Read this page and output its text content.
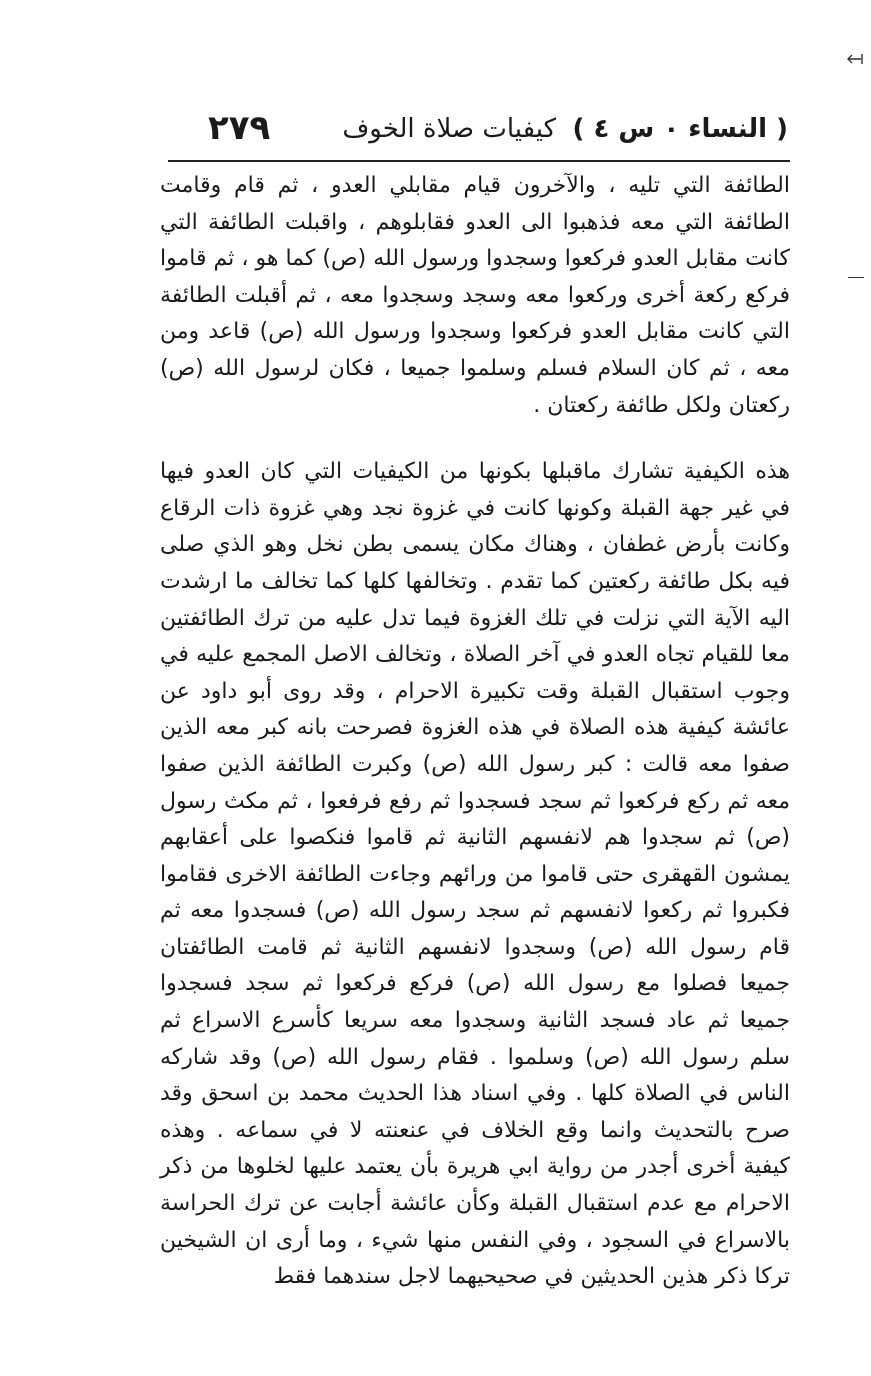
( النساء ٠ س ٤ )
كيفيات صلاة الخوف
٢٧٩

الطائفة التي تليه ، والآخرون قيام مقابلي العدو ، ثم قام وقامت الطائفة التي معه فذهبوا الى العدو فقابلوهم ، واقبلت الطائفة التي كانت مقابل العدو فركعوا وسجدوا ورسول الله (ص) كما هو ، ثم قاموا فركع ركعة أخرى وركعوا معه وسجد وسجدوا معه ، ثم أقبلت الطائفة التي كانت مقابل العدو فركعوا وسجدوا ورسول الله (ص) قاعد ومن معه ، ثم كان السلام فسلم وسلموا جميعا ، فكان لرسول الله (ص) ركعتان ولكل طائفة ركعتان .

هذه الكيفية تشارك ماقبلها بكونها من الكيفيات التي كان العدو فيها في غير جهة القبلة وكونها كانت في غزوة نجد وهي غزوة ذات الرقاع وكانت بأرض غطفان ، وهناك مكان يسمى بطن نخل وهو الذي صلى فيه بكل طائفة ركعتين كما تقدم . وتخالفها كلها كما تخالف ما ارشدت اليه الآية التي نزلت في تلك الغزوة فيما تدل عليه من ترك الطائفتين معا للقيام تجاه العدو في آخر الصلاة ، وتخالف الاصل المجمع عليه في وجوب استقبال القبلة وقت تكبيرة الاحرام ، وقد روى أبو داود عن عائشة كيفية هذه الصلاة في هذه الغزوة فصرحت بانه كبر معه الذين صفوا معه قالت : كبر رسول الله (ص) وكبرت الطائفة الذين صفوا معه ثم ركع فركعوا ثم سجد فسجدوا ثم رفع فرفعوا ، ثم مكث رسول (ص) ثم سجدوا هم لانفسهم الثانية ثم قاموا فنكصوا على أعقابهم يمشون القهقرى حتى قاموا من ورائهم وجاءت الطائفة الاخرى فقاموا فكبروا ثم ركعوا لانفسهم ثم سجد رسول الله (ص) فسجدوا معه ثم قام رسول الله (ص) وسجدوا لانفسهم الثانية ثم قامت الطائفتان جميعا فصلوا مع رسول الله (ص) فركع فركعوا ثم سجد فسجدوا جميعا ثم عاد فسجد الثانية وسجدوا معه سريعا كأسرع الاسراع ثم سلم رسول الله (ص) وسلموا . فقام رسول الله (ص) وقد شاركه الناس في الصلاة كلها . وفي اسناد هذا الحديث محمد بن اسحق وقد صرح بالتحديث وانما وقع الخلاف في عنعنته لا في سماعه . وهذه كيفية أخرى أجدر من رواية ابي هريرة بأن يعتمد عليها لخلوها من ذكر الاحرام مع عدم استقبال القبلة وكأن عائشة أجابت عن ترك الحراسة بالاسراع في السجود ، وفي النفس منها شيء ، وما أرى ان الشيخين تركا ذكر هذين الحديثين في صحيحيهما لاجل سندهما فقط
